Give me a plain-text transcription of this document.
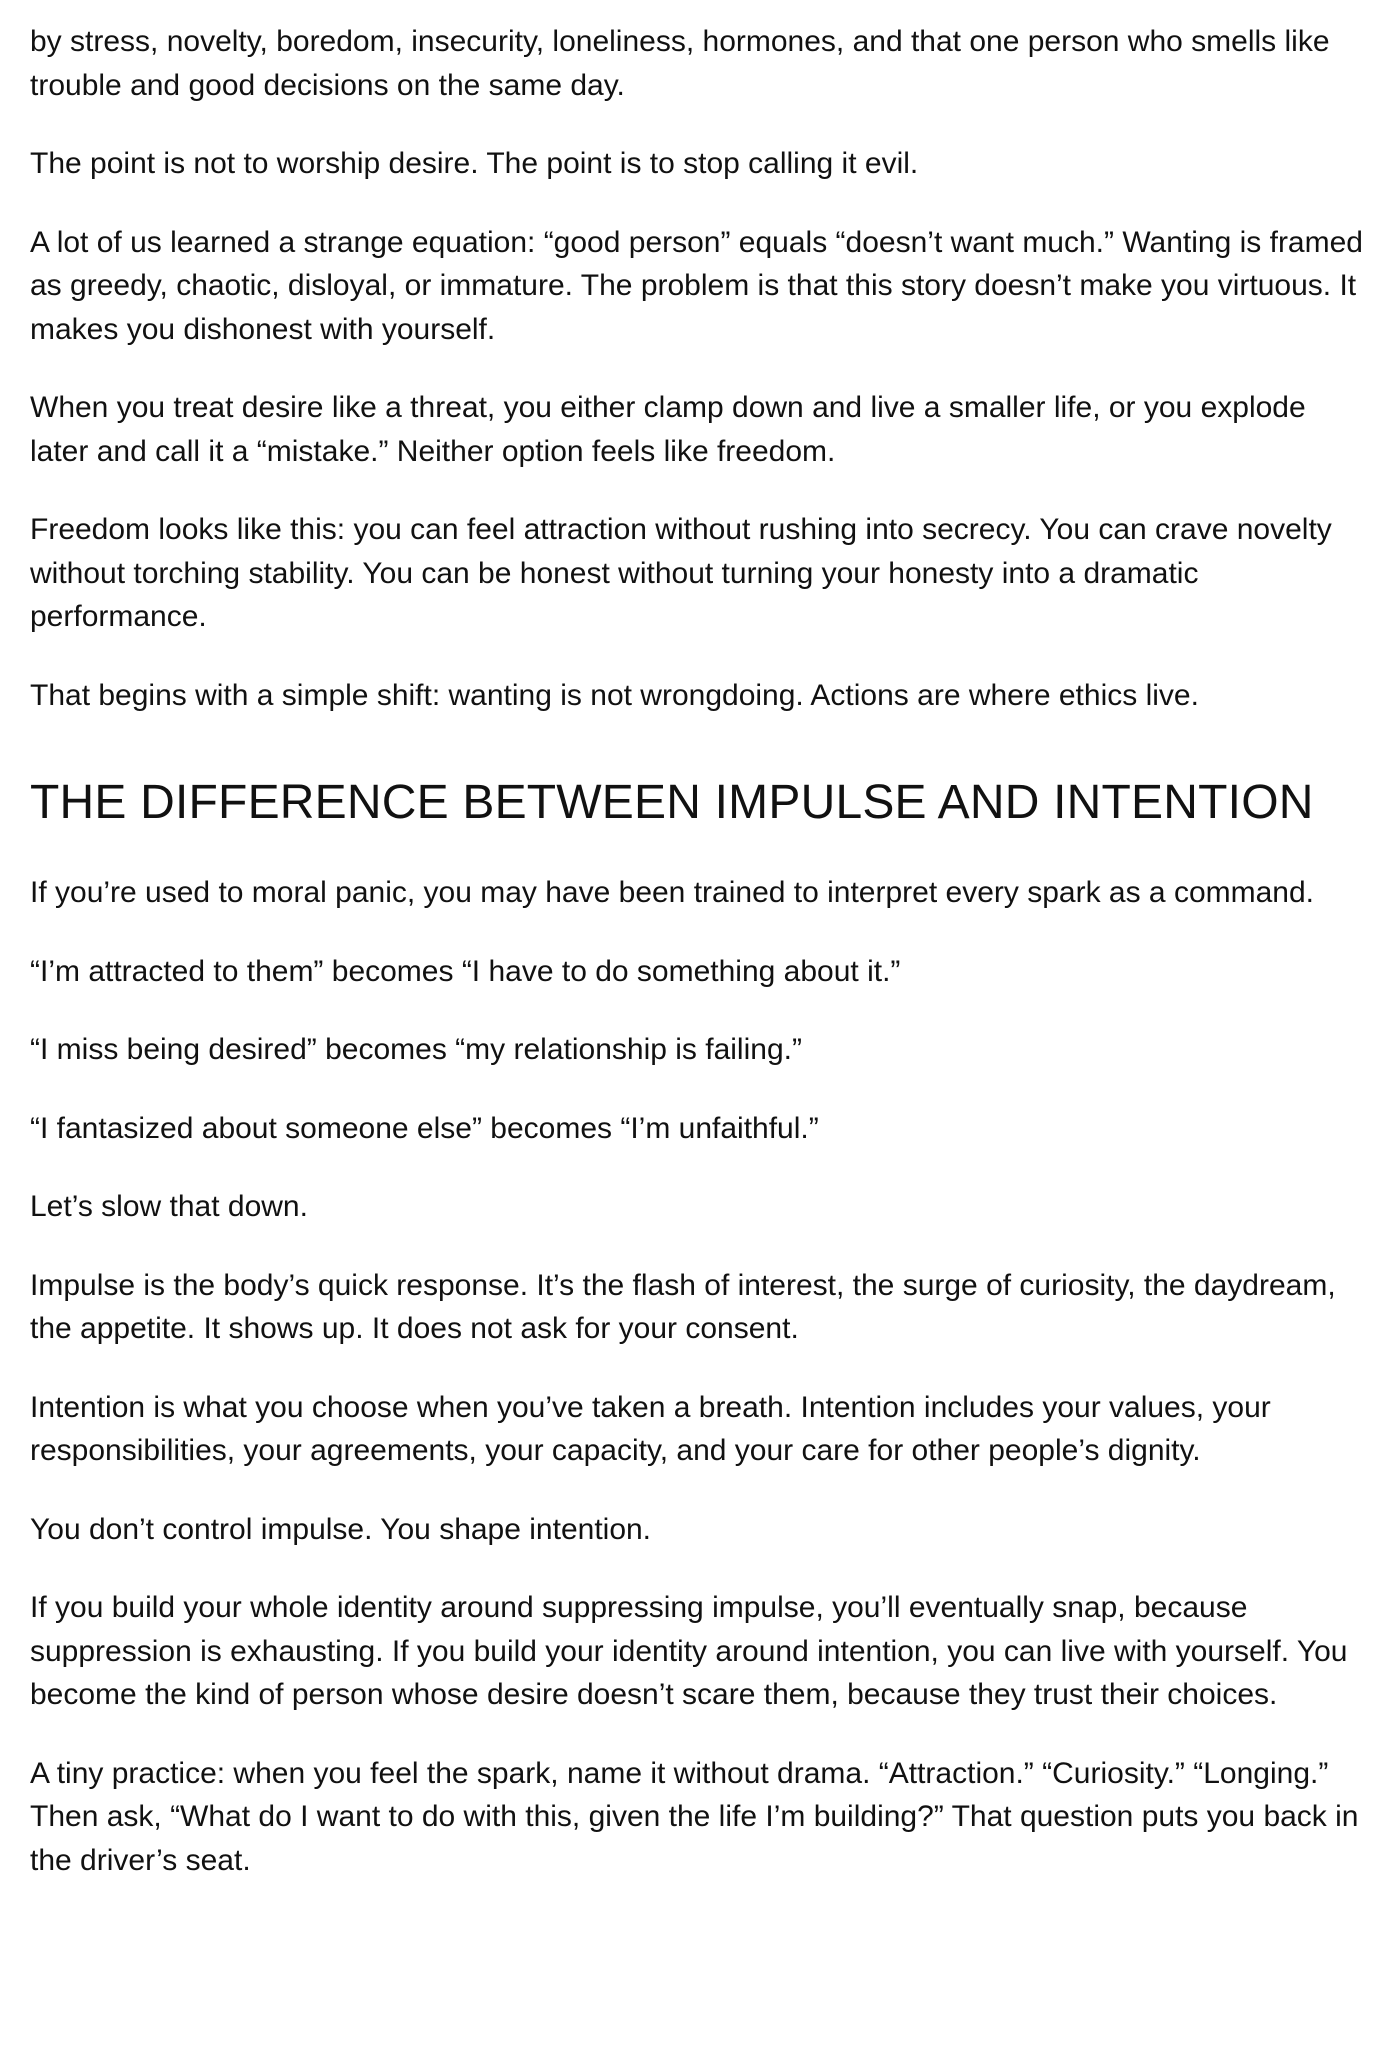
by stress, novelty, boredom, insecurity, loneliness, hormones, and that one person who smells like trouble and good decisions on the same day.

The point is not to worship desire. The point is to stop calling it evil.

A lot of us learned a strange equation: “good person” equals “doesn’t want much.” Wanting is framed as greedy, chaotic, disloyal, or immature. The problem is that this story doesn’t make you virtuous. It makes you dishonest with yourself.

When you treat desire like a threat, you either clamp down and live a smaller life, or you explode later and call it a “mistake.” Neither option feels like freedom.

Freedom looks like this: you can feel attraction without rushing into secrecy. You can crave novelty without torching stability. You can be honest without turning your honesty into a dramatic performance.

That begins with a simple shift: wanting is not wrongdoing. Actions are where ethics live.

THE DIFFERENCE BETWEEN IMPULSE AND INTENTION

If you’re used to moral panic, you may have been trained to interpret every spark as a command.

“I’m attracted to them” becomes “I have to do something about it.”

“I miss being desired” becomes “my relationship is failing.”

“I fantasized about someone else” becomes “I’m unfaithful.”

Let’s slow that down.

Impulse is the body’s quick response. It’s the flash of interest, the surge of curiosity, the daydream, the appetite. It shows up. It does not ask for your consent.

Intention is what you choose when you’ve taken a breath. Intention includes your values, your responsibilities, your agreements, your capacity, and your care for other people’s dignity.

You don’t control impulse. You shape intention.

If you build your whole identity around suppressing impulse, you’ll eventually snap, because suppression is exhausting. If you build your identity around intention, you can live with yourself. You become the kind of person whose desire doesn’t scare them, because they trust their choices.

A tiny practice: when you feel the spark, name it without drama. “Attraction.” “Curiosity.” “Longing.” Then ask, “What do I want to do with this, given the life I’m building?” That question puts you back in the driver’s seat.
